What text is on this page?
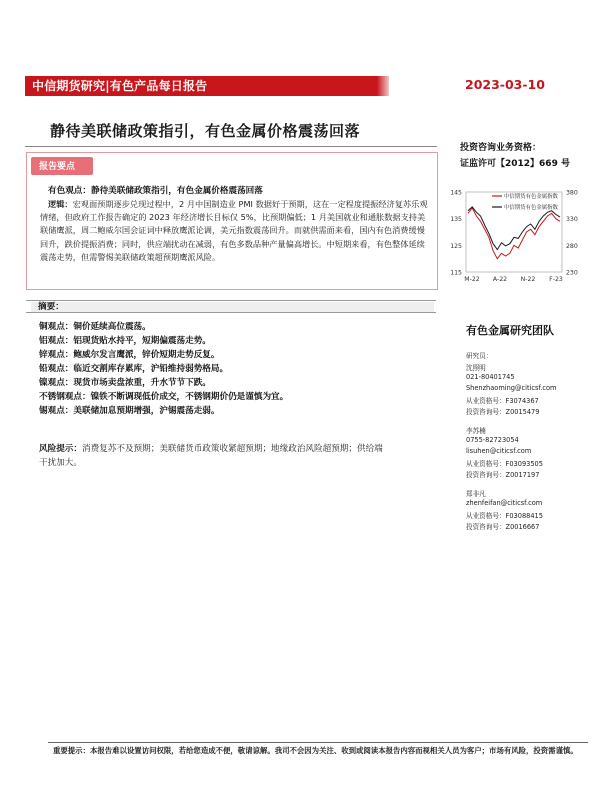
中信期货研究|有色产品每日报告	2023-03-10
静待美联储政策指引，有色金属价格震荡回落
投资咨询业务资格：
证监许可【2012】669 号
报告要点
有色观点：静待美联储政策指引，有色金属价格震荡回落
逻辑：宏观面预期逐步兑现过程中，2 月中国制造业 PMI 数据好于预期，这在一定程度提振经济复苏乐观情绪，但政府工作报告确定的 2023 年经济增长目标仅 5%，比预期偏低；1 月美国就业和通胀数据支持美联储鹰派，周二鲍威尔国会证词中释放鹰派论调，美元指数震荡回升。而就供需面来看，国内有色消费缓慢回升，跌价提振消费；同时，供应端扰动在减弱，有色多数品种产量偏高增长。中短期来看，有色整体延续震荡走势，但需警惕美联储政策超预期鹰派风险。
145
135
125
115
380
330
280
230
M-22 A-22 N-22 F-23
中信期货有色金属指数
中信期货有色金属指数
摘要：
铜观点：铜价延续高位震荡。
铝观点：铝现货贴水持平，短期偏震荡走势。
锌观点：鲍威尔发言鹰派，锌价短期走势反复。
铅观点：临近交割库存累库，沪铅维持弱势格局。
镍观点：现货市场卖盘浓重，升水节节下跌。
不锈钢观点：镍铁不断调现低价成交，不锈钢期价仍是谨慎为宜。
锡观点：美联储加息预期增强，沪锡震荡走弱。
风险提示：消费复苏不及预期；美联储货币政策收紧超预期；地缘政治风险超预期；供给端干扰加大。
有色金属研究团队
研究员：
沈照明
021-80401745
Shenzhaoming@citicsf.com
从业资格号：F3074367
投资咨询号：Z0015479
李苏楠
0755-82723054
lisuhen@citicsf.com
从业资格号：F03093505
投资咨询号：Z0017197
郑非凡
zhenfeifan@citicsf.com
从业资格号：F03088415
投资咨询号：Z0016667
重要提示：本报告难以设置访问权限，若给您造成不便，敬请谅解。我司不会因为关注、收到或阅读本报告内容而视相关人员为客户；市场有风险，投资需谨慎。
